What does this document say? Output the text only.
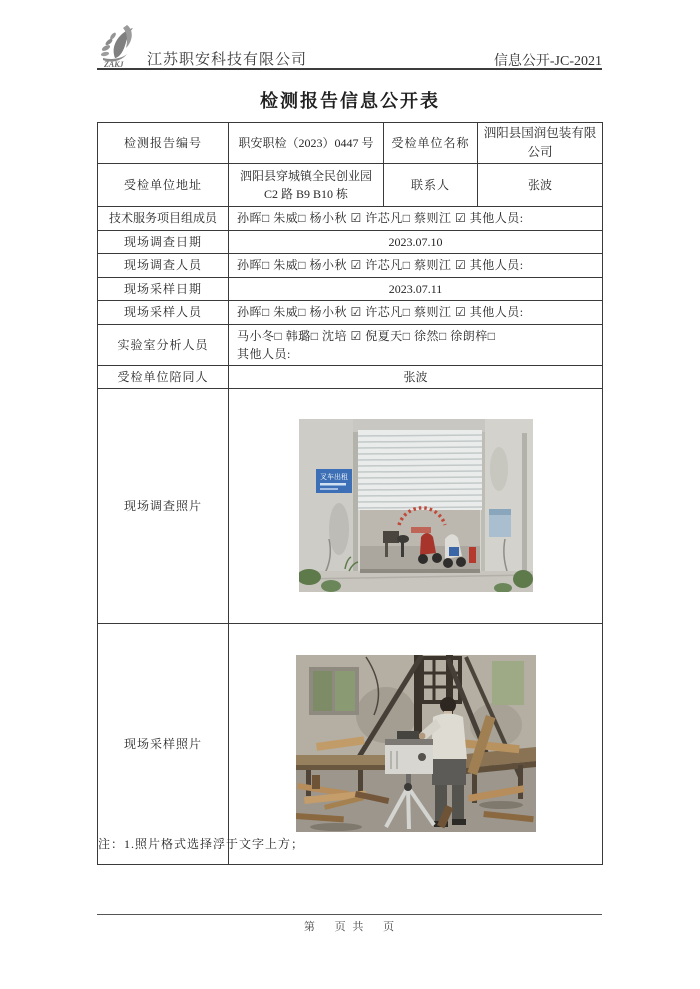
ZAKJ 江苏职安科技有限公司	信息公开-JC-2021
检测报告信息公开表
检测报告编号	职安职检（2023）0447 号	受检单位名称	泗阳县国润包装有限公司
受检单位地址	泗阳县穿城镇全民创业园 C2 路 B9 B10 栋	联系人	张波
技术服务项目组成员	孙晖□ 朱威□ 杨小秋 ☑ 许芯凡□ 蔡则江 ☑ 其他人员:		
现场调查日期	2023.07.10		
现场调查人员	孙晖□ 朱威□ 杨小秋 ☑ 许芯凡□ 蔡则江 ☑ 其他人员:		
现场采样日期	2023.07.11		
现场采样人员	孙晖□ 朱威□ 杨小秋 ☑ 许芯凡□ 蔡则江 ☑ 其他人员:		
实验室分析人员	马小冬□ 韩璐□ 沈培 ☑ 倪夏天□ 徐然□ 徐朗梓□
其他人员:		

受检单位陪同人	张波		
现场调查照片	叉车出租		

现场采样照片	
注：1.照片格式选择浮于文字上方；
第　 页 共　 页
